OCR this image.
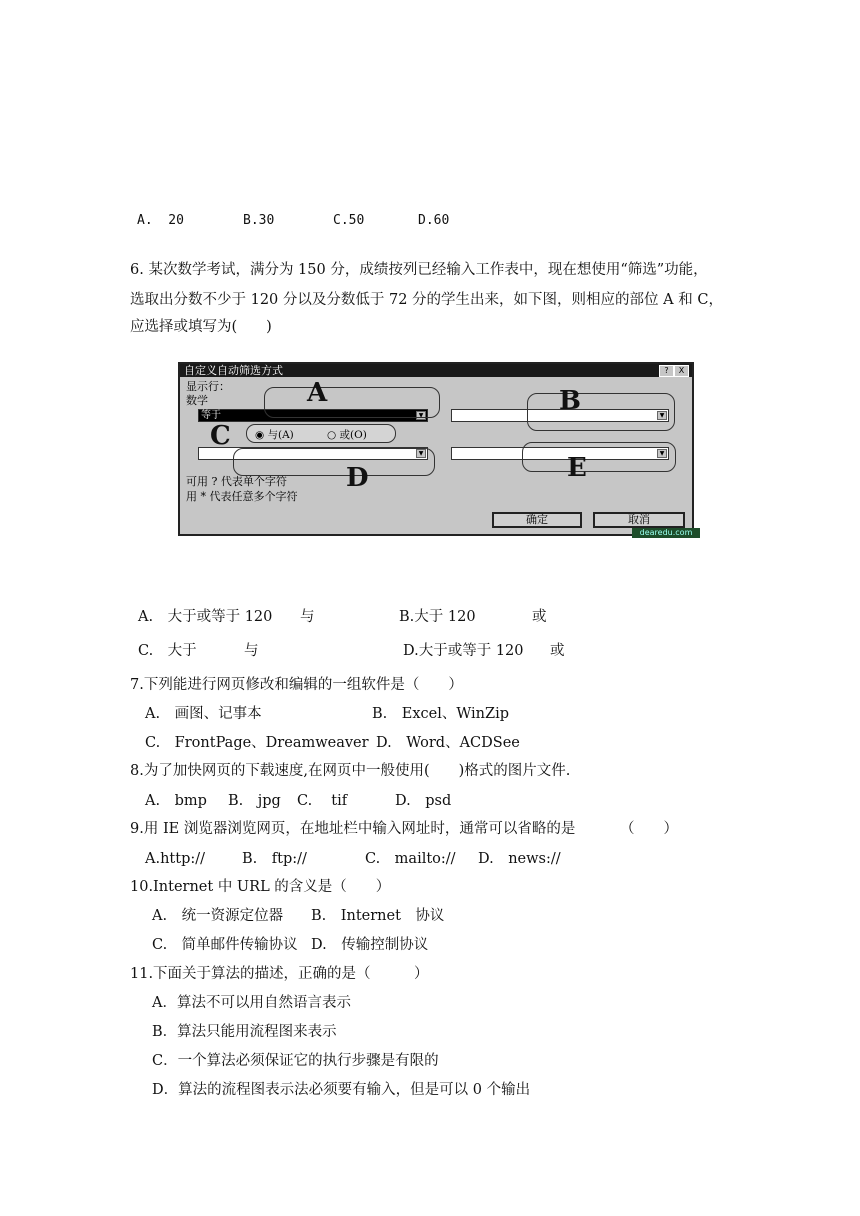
A.  20	B.30	C.50	D.60
6. 某次数学考试，满分为 150 分，成绩按列已经输入工作表中，现在想使用“筛选”功能，
选取出分数不少于 120 分以及分数低于 72 分的学生出来，如下图，则相应的部位 A 和 C，
应选择或填写为(　　)
自定义自动筛选方式	?	X
显示行：
数学
等于	▼	▼
◉ 与(A)	○ 或(O)
▼	▼
可用 ? 代表单个字符
用 * 代表任意多个字符
确定	取消
A	B
C
D	E
dearedu.com
A.　大于或等于 120 与	B.大于 120	或
C.　大于	与	D.大于或等于 120 或
7.下列能进行网页修改和编辑的一组软件是（　　）
A.　画图、记事本	B.　Excel、WinZip
C.　FrontPage、Dreamweaver D.　Word、ACDSee
8.为了加快网页的下载速度,在网页中一般使用(　　)格式的图片文件.
A.　bmp B.　jpg C.　 tif	D.　psd
9.用 IE 浏览器浏览网页，在地址栏中输入网址时，通常可以省略的是	（　　）
A.http://	B.　ftp://	C.　mailto:// D.　news://
10.Internet 中 URL 的含义是（　　）
A.　统一资源定位器 B.　Internet　协议
C.　简单邮件传输协议 D.　传输控制协议
11.下面关于算法的描述，正确的是（　　　）
A．算法不可以用自然语言表示
B．算法只能用流程图来表示
C．一个算法必须保证它的执行步骤是有限的
D．算法的流程图表示法必须要有输入，但是可以 0 个输出
